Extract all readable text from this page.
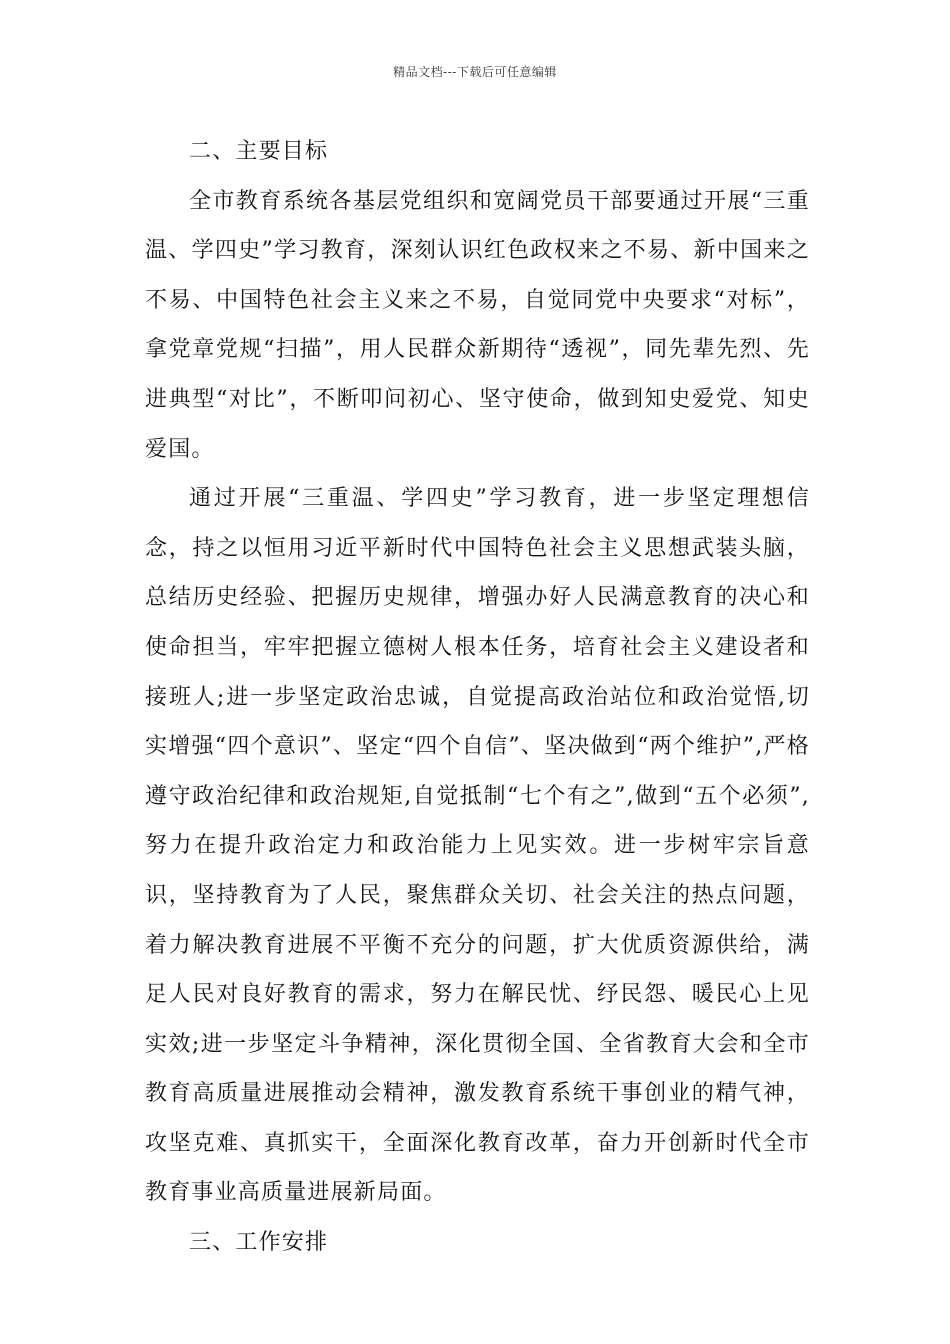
精品文档---下载后可任意编辑

二、主要目标

全市教育系统各基层党组织和宽阔党员干部要通过开展“三重温、学四史”学习教育，深刻认识红色政权来之不易、新中国来之不易、中国特色社会主义来之不易，自觉同党中央要求“对标”，拿党章党规“扫描”，用人民群众新期待“透视”，同先辈先烈、先进典型“对比”，不断叩问初心、坚守使命，做到知史爱党、知史爱国。

通过开展“三重温、学四史”学习教育，进一步坚定理想信念，持之以恒用习近平新时代中国特色社会主义思想武装头脑，总结历史经验、把握历史规律，增强办好人民满意教育的决心和使命担当，牢牢把握立德树人根本任务，培育社会主义建设者和接班人;进一步坚定政治忠诚，自觉提高政治站位和政治觉悟,切实增强“四个意识”、坚定“四个自信”、坚决做到“两个维护”,严格遵守政治纪律和政治规矩,自觉抵制“七个有之”,做到“五个必须”,努力在提升政治定力和政治能力上见实效。进一步树牢宗旨意识，坚持教育为了人民，聚焦群众关切、社会关注的热点问题，着力解决教育进展不平衡不充分的问题，扩大优质资源供给，满足人民对良好教育的需求，努力在解民忧、纾民怨、暖民心上见实效;进一步坚定斗争精神，深化贯彻全国、全省教育大会和全市教育高质量进展推动会精神，激发教育系统干事创业的精气神，攻坚克难、真抓实干，全面深化教育改革，奋力开创新时代全市教育事业高质量进展新局面。

三、工作安排
